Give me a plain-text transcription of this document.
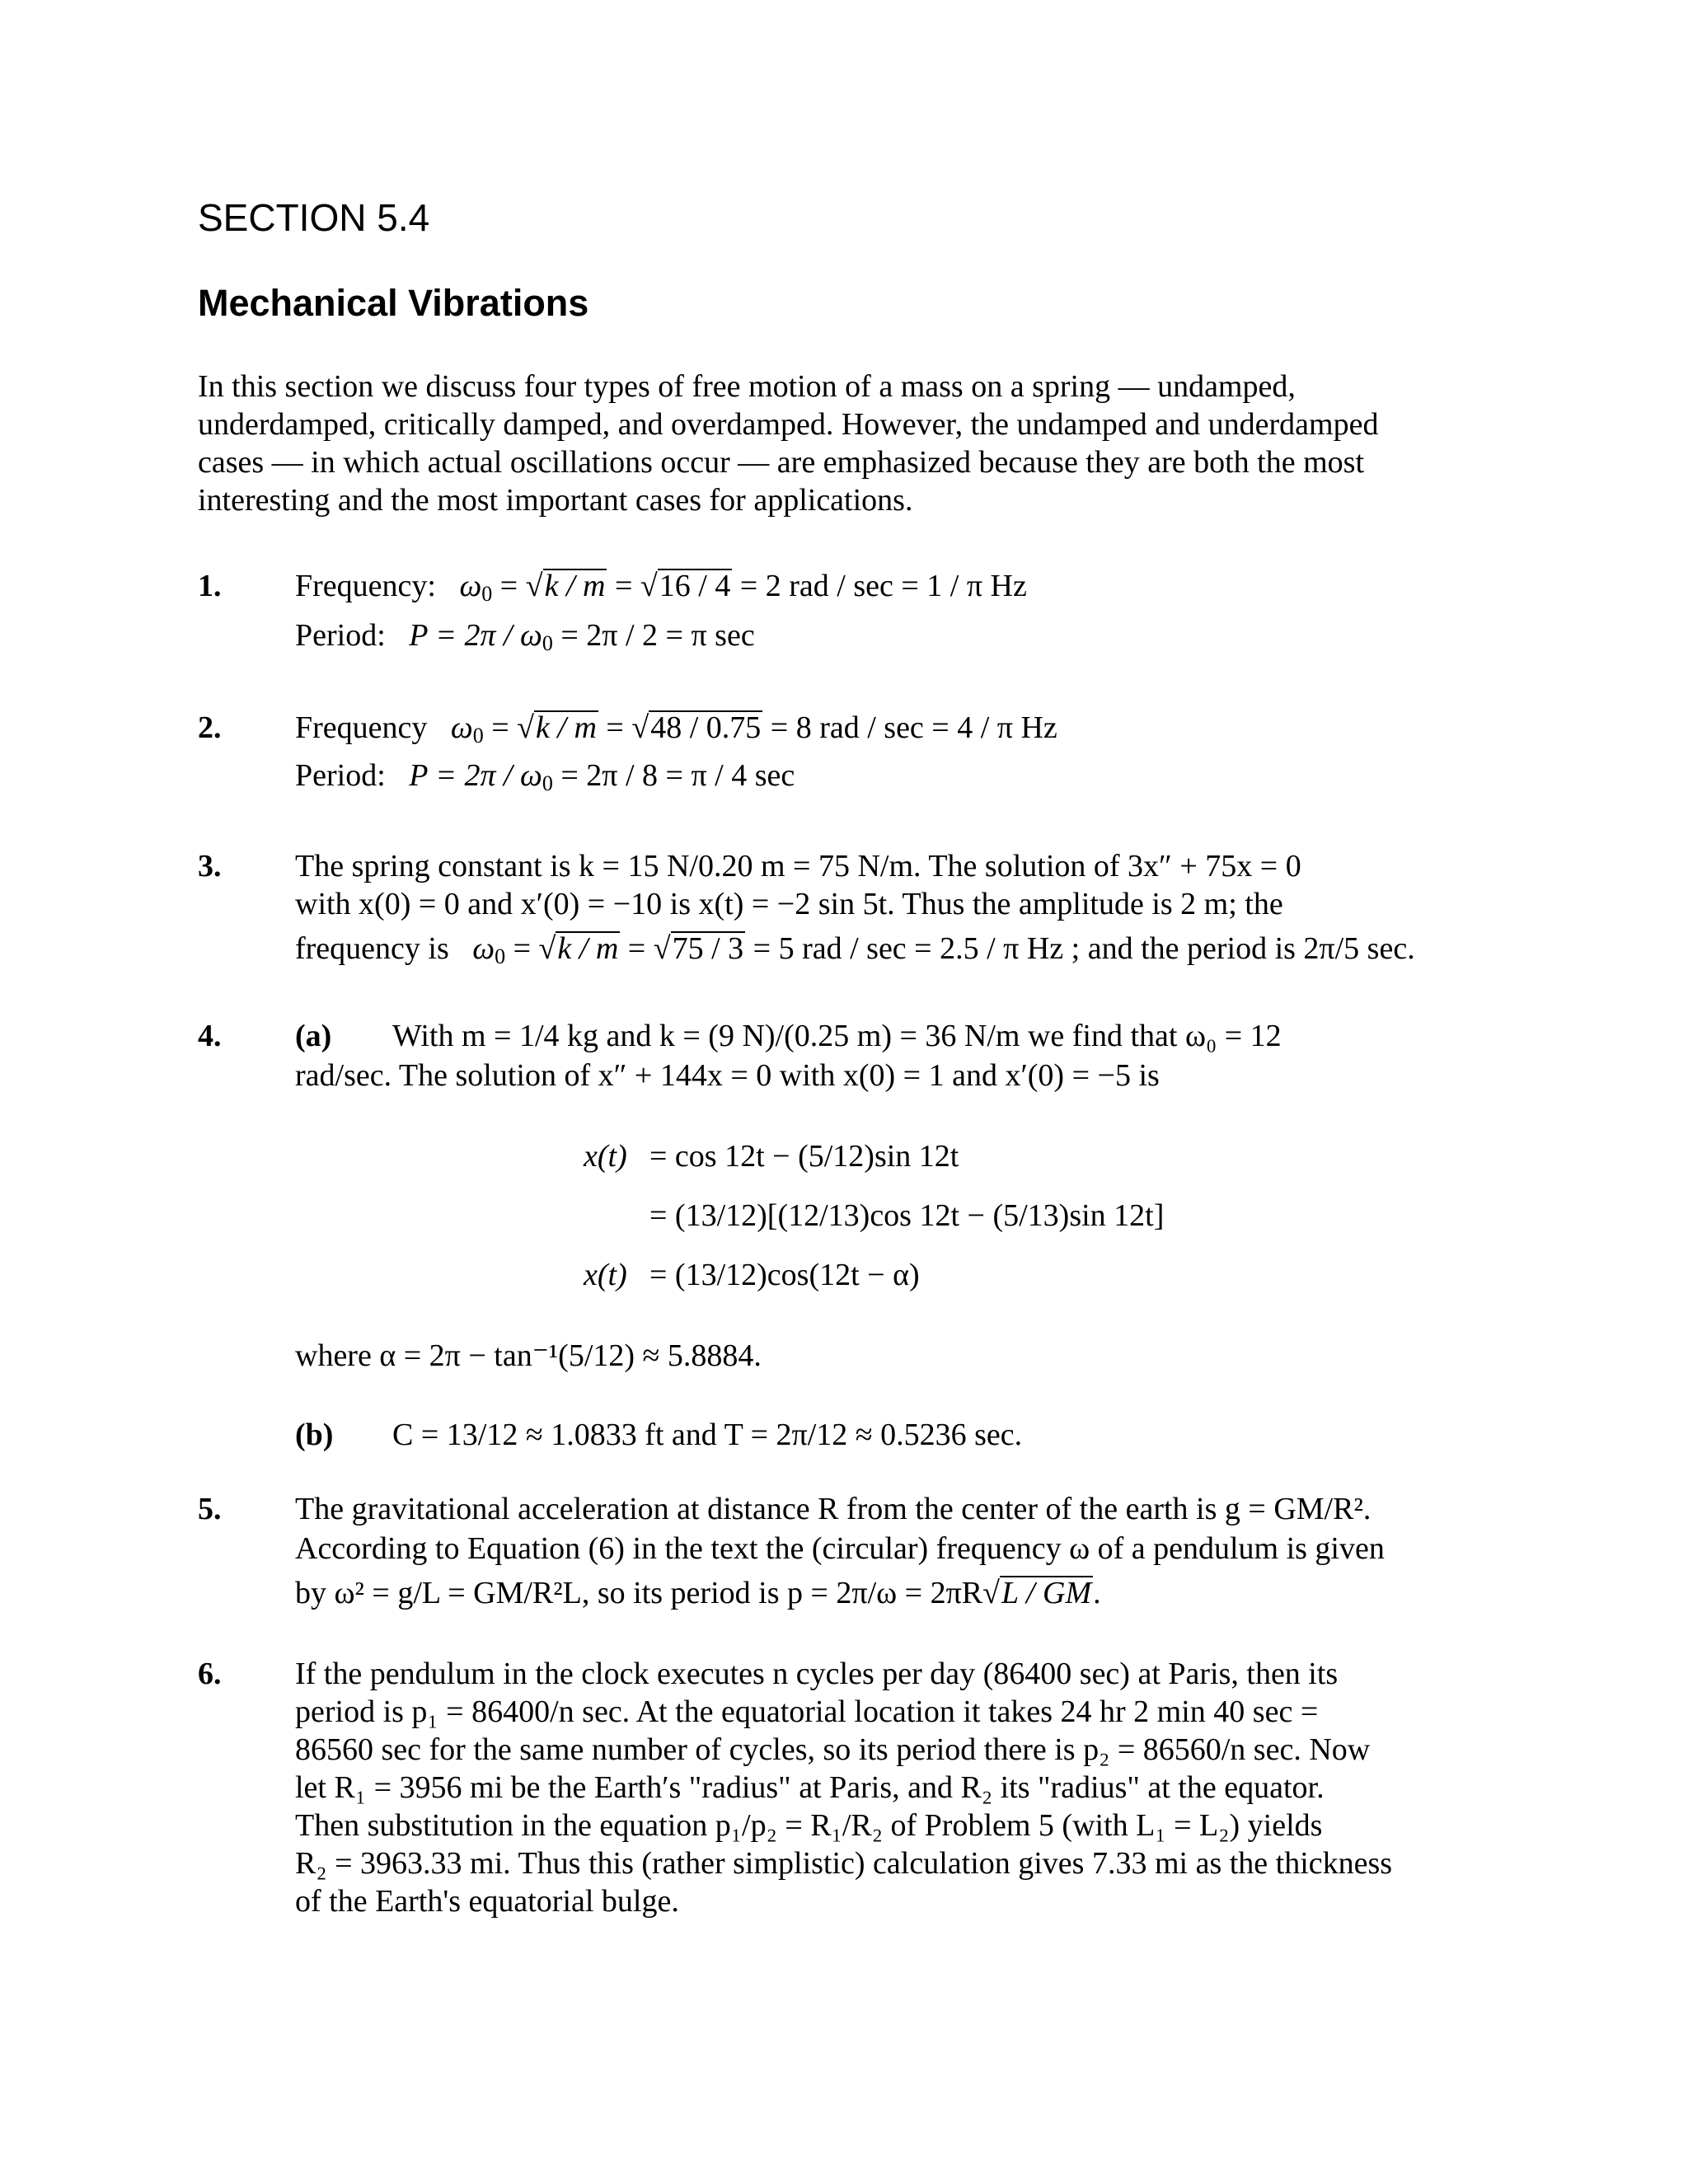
SECTION 5.4
Mechanical Vibrations
In this section we discuss four types of free motion of a mass on a spring — undamped,
underdamped, critically damped, and overdamped. However, the undamped and underdamped
cases — in which actual oscillations occur — are emphasized because they are both the most
interesting and the most important cases for applications.
1. Frequency: $\omega_0 = √k / m = √16 / 4 = 2$ rad / sec = 1 / π Hz
Period: $P = 2\pi / \omega_0 = 2\pi / 2 = \pi$ sec
2. Frequency $\omega_0 = √k / m = √48 / 0.75 = 8$ rad / sec = 4 / π Hz
Period: $P = 2\pi / \omega_0 = 2\pi / 8 = \pi / 4$ sec
3. The spring constant is k = 15 N/0.20 m = 75 N/m. The solution of 3x″ + 75x = 0
with x(0) = 0 and x′(0) = −10 is x(t) = −2 sin 5t. Thus the amplitude is 2 m; the
frequency is $\omega_0 = √k / m = √75 / 3 = 5$ rad / sec = 2.5 / π Hz ; and the period is 2π/5 sec.
4. (a) With m = 1/4 kg and k = (9 N)/(0.25 m) = 36 N/m we find that ω₀ = 12
rad/sec. The solution of x″ + 144x = 0 with x(0) = 1 and x′(0) = −5 is
x(t) = cos 12t − (5/12)sin 12t
= (13/12)[(12/13)cos 12t − (5/13)sin 12t]
x(t) = (13/12)cos(12t − α)
where α = 2π − tan⁻¹(5/12) ≈ 5.8884.
(b) C = 13/12 ≈ 1.0833 ft and T = 2π/12 ≈ 0.5236 sec.
5. The gravitational acceleration at distance R from the center of the earth is g = GM/R².
According to Equation (6) in the text the (circular) frequency ω of a pendulum is given
by ω² = g/L = GM/R²L, so its period is p = 2π/ω = 2πR√L / GM.
6. If the pendulum in the clock executes n cycles per day (86400 sec) at Paris, then its
period is p₁ = 86400/n sec. At the equatorial location it takes 24 hr 2 min 40 sec =
86560 sec for the same number of cycles, so its period there is p₂ = 86560/n sec. Now
let R₁ = 3956 mi be the Earth′s "radius" at Paris, and R₂ its "radius" at the equator.
Then substitution in the equation p₁/p₂ = R₁/R₂ of Problem 5 (with L₁ = L₂) yields
R₂ = 3963.33 mi. Thus this (rather simplistic) calculation gives 7.33 mi as the thickness
of the Earth's equatorial bulge.
